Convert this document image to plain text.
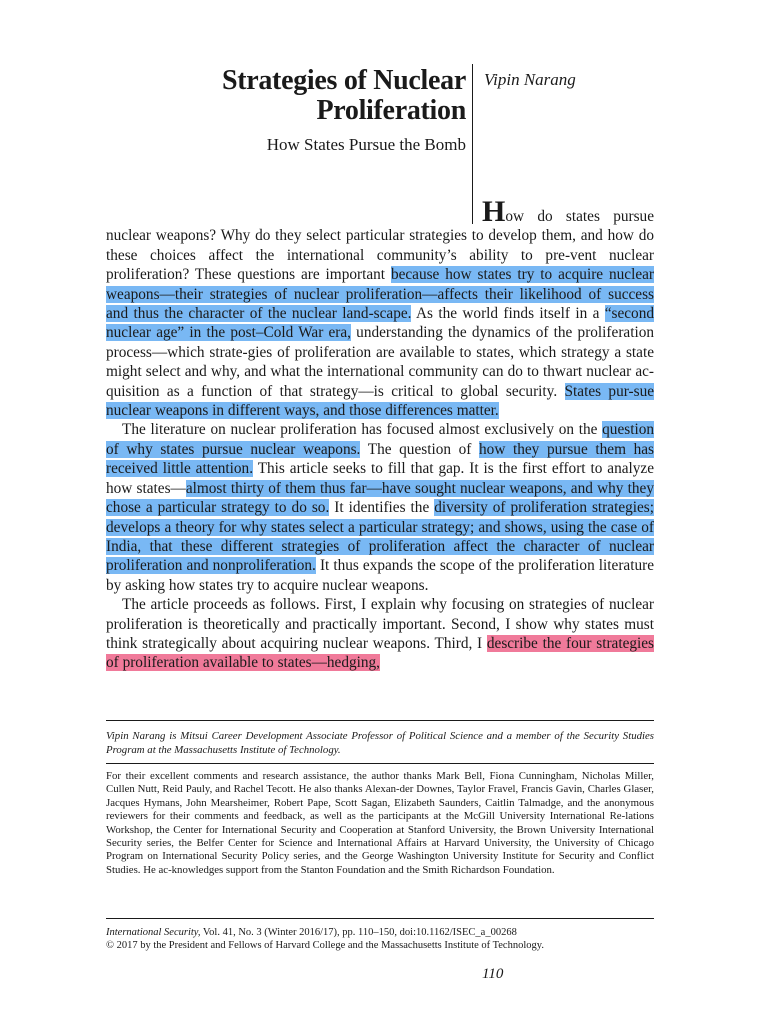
Strategies of Nuclear
Proliferation
How States Pursue the Bomb
Vipin Narang

How do states pursue nuclear weapons? Why do they select particular strategies to develop them, and how do these choices affect the international community’s ability to pre-vent nuclear proliferation? These questions are important because how states try to acquire nuclear weapons—their strategies of nuclear proliferation—affects their likelihood of success and thus the character of the nuclear land-scape. As the world finds itself in a “second nuclear age” in the post–Cold War era, understanding the dynamics of the proliferation process—which strate-gies of proliferation are available to states, which strategy a state might select and why, and what the international community can do to thwart nuclear ac-quisition as a function of that strategy—is critical to global security. States pur-sue nuclear weapons in different ways, and those differences matter.

The literature on nuclear proliferation has focused almost exclusively on the question of why states pursue nuclear weapons. The question of how they pursue them has received little attention. This article seeks to fill that gap. It is the first effort to analyze how states—almost thirty of them thus far—have sought nuclear weapons, and why they chose a particular strategy to do so. It identifies the diversity of proliferation strategies; develops a theory for why states select a particular strategy; and shows, using the case of India, that these different strategies of proliferation affect the character of nuclear proliferation and nonproliferation. It thus expands the scope of the proliferation literature by asking how states try to acquire nuclear weapons.

The article proceeds as follows. First, I explain why focusing on strategies of nuclear proliferation is theoretically and practically important. Second, I show why states must think strategically about acquiring nuclear weapons. Third, I describe the four strategies of proliferation available to states—hedging,

Vipin Narang is Mitsui Career Development Associate Professor of Political Science and a member of the Security Studies Program at the Massachusetts Institute of Technology.
For their excellent comments and research assistance, the author thanks Mark Bell, Fiona Cunningham, Nicholas Miller, Cullen Nutt, Reid Pauly, and Rachel Tecott. He also thanks Alexan-der Downes, Taylor Fravel, Francis Gavin, Charles Glaser, Jacques Hymans, John Mearsheimer, Robert Pape, Scott Sagan, Elizabeth Saunders, Caitlin Talmadge, and the anonymous reviewers for their comments and feedback, as well as the participants at the McGill University International Re-lations Workshop, the Center for International Security and Cooperation at Stanford University, the Brown University International Security series, the Belfer Center for Science and International Affairs at Harvard University, the University of Chicago Program on International Security Policy series, and the George Washington University Institute for Security and Conflict Studies. He ac-knowledges support from the Stanton Foundation and the Smith Richardson Foundation.
International Security, Vol. 41, No. 3 (Winter 2016/17), pp. 110–150, doi:10.1162/ISEC_a_00268
© 2017 by the President and Fellows of Harvard College and the Massachusetts Institute of Technology.
110
